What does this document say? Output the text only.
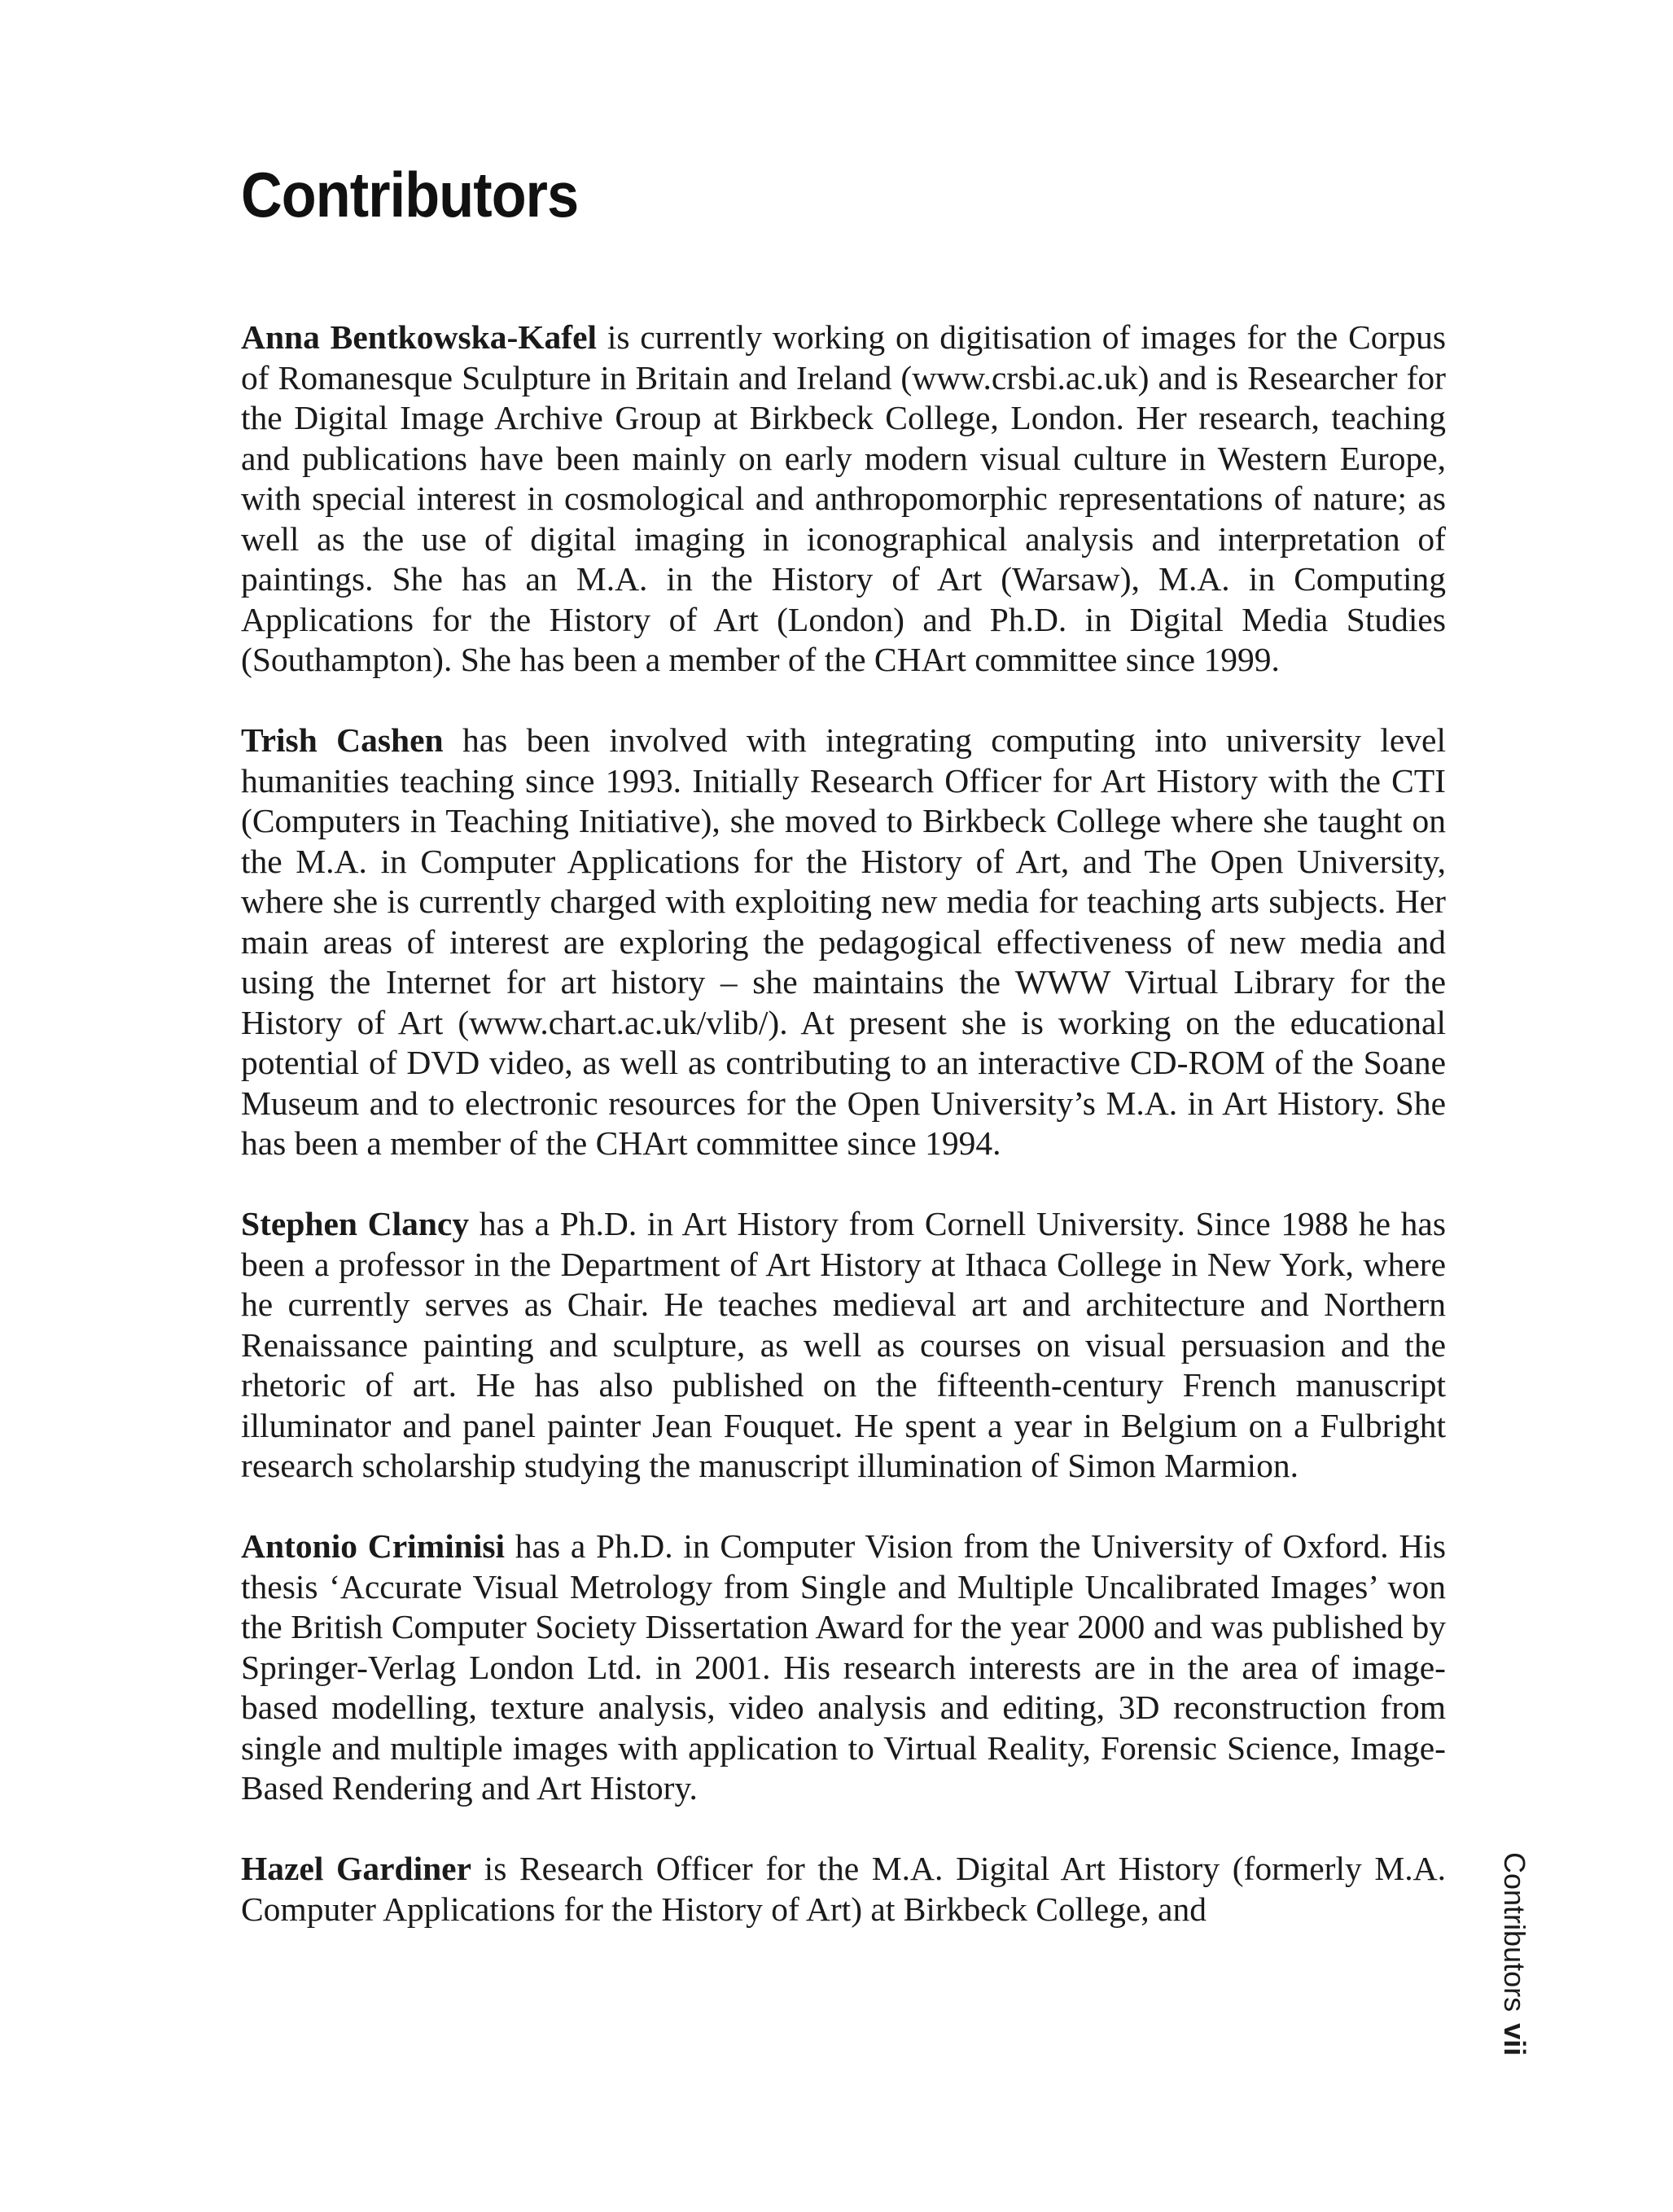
Contributors

Anna Bentkowska-Kafel is currently working on digitisation of images for the Corpus of Romanesque Sculpture in Britain and Ireland (www.crsbi.ac.uk) and is Researcher for the Digital Image Archive Group at Birkbeck College, London. Her research, teaching and publications have been mainly on early modern visual culture in Western Europe, with special interest in cosmological and anthropomorphic representations of nature; as well as the use of digital imaging in iconographical analysis and interpretation of paintings. She has an M.A. in the History of Art (Warsaw), M.A. in Computing Applications for the History of Art (London) and Ph.D. in Digital Media Studies (Southampton). She has been a member of the CHArt committee since 1999.

Trish Cashen has been involved with integrating computing into university level humanities teaching since 1993. Initially Research Officer for Art History with the CTI (Computers in Teaching Initiative), she moved to Birkbeck College where she taught on the M.A. in Computer Applications for the History of Art, and The Open University, where she is currently charged with exploiting new media for teaching arts subjects. Her main areas of interest are exploring the pedagogical effectiveness of new media and using the Internet for art history – she maintains the WWW Virtual Library for the History of Art (www.chart.ac.uk/vlib/). At present she is working on the educational potential of DVD video, as well as contributing to an interactive CD-ROM of the Soane Museum and to electronic resources for the Open University’s M.A. in Art History. She has been a member of the CHArt committee since 1994.

Stephen Clancy has a Ph.D. in Art History from Cornell University. Since 1988 he has been a professor in the Department of Art History at Ithaca College in New York, where he currently serves as Chair. He teaches medieval art and architecture and Northern Renaissance painting and sculpture, as well as courses on visual persuasion and the rhetoric of art. He has also published on the fifteenth-century French manuscript illuminator and panel painter Jean Fouquet. He spent a year in Belgium on a Fulbright research scholarship studying the manuscript illumination of Simon Marmion.

Antonio Criminisi has a Ph.D. in Computer Vision from the University of Oxford. His thesis ‘Accurate Visual Metrology from Single and Multiple Uncalibrated Images’ won the British Computer Society Dissertation Award for the year 2000 and was published by Springer-Verlag London Ltd. in 2001. His research interests are in the area of image-based modelling, texture analysis, video analysis and editing, 3D reconstruction from single and multiple images with application to Virtual Reality, Forensic Science, Image-Based Rendering and Art History.

Hazel Gardiner is Research Officer for the M.A. Digital Art History (formerly M.A. Computer Applications for the History of Art) at Birkbeck College, and	Contributors vii
